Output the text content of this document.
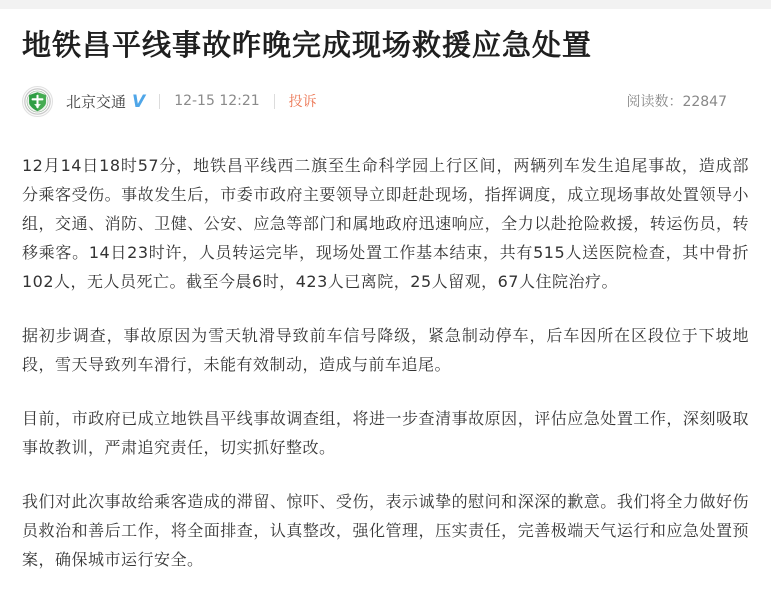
地铁昌平线事故昨晚完成现场救援应急处置
北京交通 V 12-15 12:21 投诉	阅读数：22847

12月14日18时57分，地铁昌平线西二旗至生命科学园上行区间，两辆列车发生追尾事故，造成部分乘客受伤。事故发生后，市委市政府主要领导立即赶赴现场，指挥调度，成立现场事故处置领导小组，交通、消防、卫健、公安、应急等部门和属地政府迅速响应，全力以赴抢险救援，转运伤员，转移乘客。14日23时许，人员转运完毕，现场处置工作基本结束，共有515人送医院检查，其中骨折102人，无人员死亡。截至今晨6时，423人已离院，25人留观，67人住院治疗。

据初步调查，事故原因为雪天轨滑导致前车信号降级，紧急制动停车，后车因所在区段位于下坡地段，雪天导致列车滑行，未能有效制动，造成与前车追尾。

目前，市政府已成立地铁昌平线事故调查组，将进一步查清事故原因，评估应急处置工作，深刻吸取事故教训，严肃追究责任，切实抓好整改。

我们对此次事故给乘客造成的滞留、惊吓、受伤，表示诚挚的慰问和深深的歉意。我们将全力做好伤员救治和善后工作，将全面排查，认真整改，强化管理，压实责任，完善极端天气运行和应急处置预案，确保城市运行安全。
